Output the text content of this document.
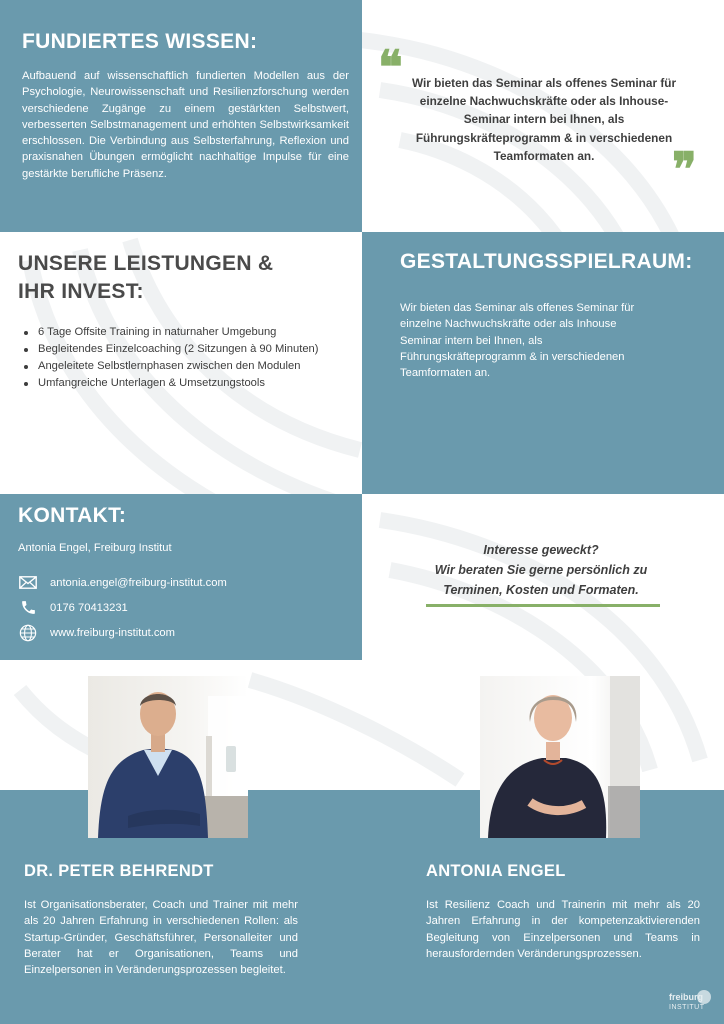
FUNDIERTES WISSEN:

Aufbauend auf wissenschaftlich fundierten Modellen aus der Psychologie, Neurowissenschaft und Resilienzforschung werden verschiedene Zugänge zu einem gestärkten Selbstwert, verbesserten Selbstmanagement und erhöhten Selbstwirksamkeit erschlossen. Die Verbindung aus Selbsterfahrung, Reflexion und praxisnahen Übungen ermöglicht nachhaltige Impulse für eine gestärkte berufliche Präsenz.

❝ Wir bieten das Seminar als offenes Seminar für einzelne Nachwuchskräfte oder als Inhouse-Seminar intern bei Ihnen, als Führungskräfteprogramm & in verschiedenen Teamformaten an.	❞
UNSERE LEISTUNGEN &
IHR INVEST:
6 Tage Offsite Training in naturnaher Umgebung
Begleitendes Einzelcoaching (2 Sitzungen à 90 Minuten)
Angeleitete Selbstlernphasen zwischen den Modulen
Umfangreiche Unterlagen & Umsetzungstools
GESTALTUNGSSPIELRAUM:

Wir bieten das Seminar als offenes Seminar für einzelne Nachwuchskräfte oder als Inhouse Seminar intern bei Ihnen, als Führungskräfteprogramm & in verschiedenen Teamformaten an.

KONTAKT:
Antonia Engel, Freiburg Institut
antonia.engel@freiburg-institut.com
0176 70413231
www.freiburg-institut.com

Interesse geweckt?
Wir beraten Sie gerne persönlich zu
Terminen, Kosten und Formaten.

DR. PETER BEHRENDT

Ist Organisationsberater, Coach und Trainer mit mehr als 20 Jahren Erfahrung in verschiedenen Rollen: als Startup-Gründer, Geschäftsführer, Personalleiter und Berater hat er Organisationen, Teams und Einzelpersonen in Veränderungsprozessen begleitet.

ANTONIA ENGEL

Ist Resilienz Coach und Trainerin mit mehr als 20 Jahren Erfahrung in der kompetenzaktivierenden Begleitung von Einzelpersonen und Teams in herausfordernden Veränderungsprozessen.

freiburg
INSTITUT
